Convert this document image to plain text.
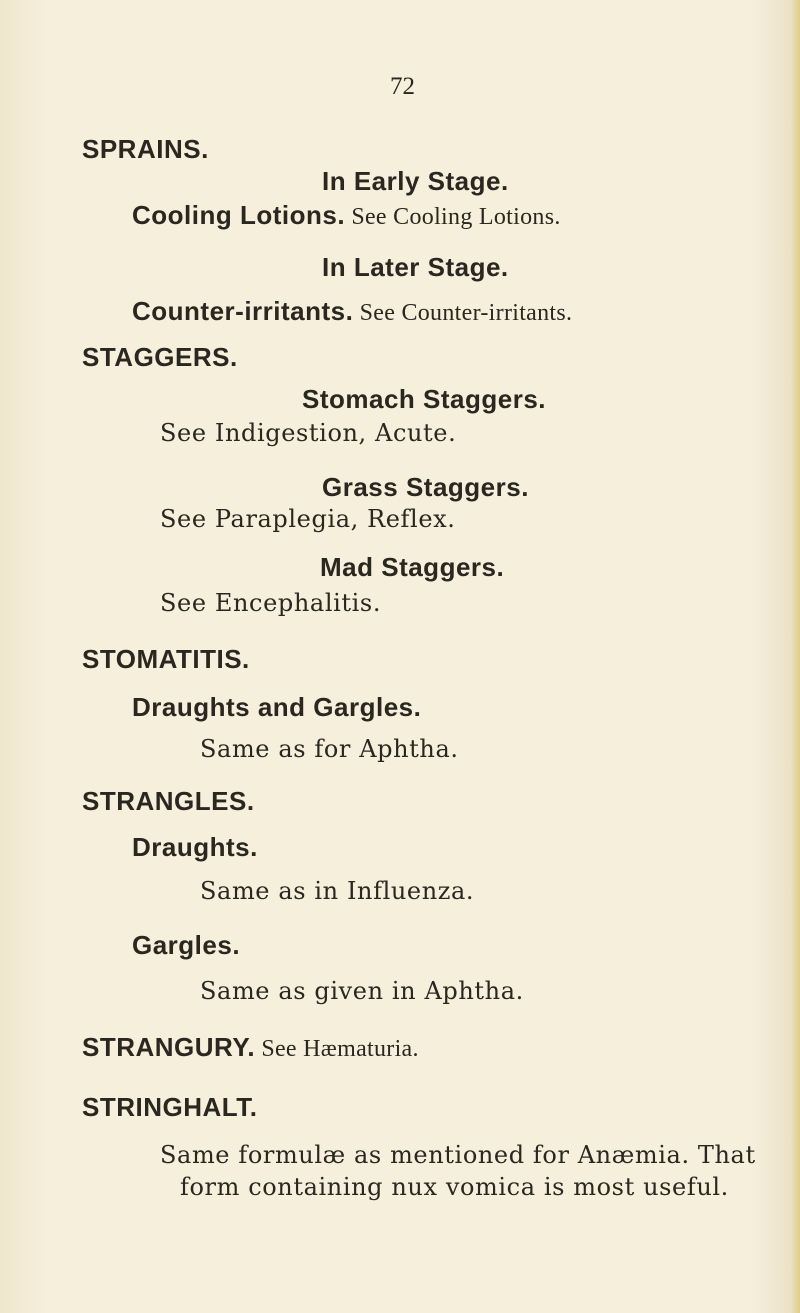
72
SPRAINS.
In Early Stage.
Cooling Lotions. See Cooling Lotions.
In Later Stage.
Counter-irritants. See Counter-irritants.
STAGGERS.
Stomach Staggers.
See Indigestion, Acute.
Grass Staggers.
See Paraplegia, Reflex.
Mad Staggers.
See Encephalitis.
STOMATITIS.
Draughts and Gargles.
Same as for Aphtha.
STRANGLES.
Draughts.
Same as in Influenza.
Gargles.
Same as given in Aphtha.
STRANGURY. See Hæmaturia.
STRINGHALT.
Same formulæ as mentioned for Anæmia. That
form containing nux vomica is most useful.
